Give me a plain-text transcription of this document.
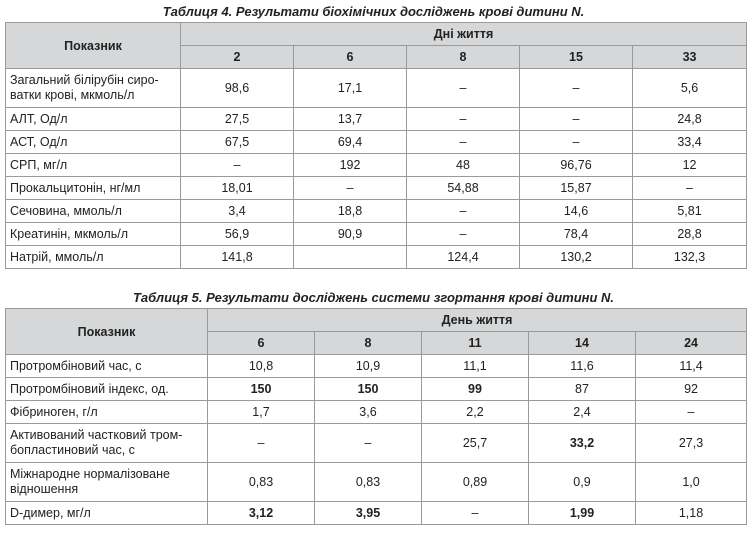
Таблиця 4. Результати біохімічних досліджень крові дитини N.
Показник	Дні життя				
	2	6	8	15	33
Загальний білірубін сиро-
ватки крові, мкмоль/л	98,6	17,1	–	–	5,6
АЛТ, Од/л	27,5	13,7	–	–	24,8
АСТ, Од/л	67,5	69,4	–	–	33,4
СРП, мг/л	–	192	48	96,76	12
Прокальцитонін, нг/мл	18,01	–	54,88	15,87	–
Сечовина, ммоль/л	3,4	18,8	–	14,6	5,81
Креатинін, мкмоль/л	56,9	90,9	–	78,4	28,8
Натрій, ммоль/л	141,8		124,4	130,2	132,3
Таблиця 5. Результати досліджень системи згортання крові дитини N.
Показник	День життя				
	6	8	11	14	24
Протромбіновий час, с	10,8	10,9	11,1	11,6	11,4
Протромбіновий індекс, од.	150	150	99	87	92
Фібриноген, г/л	1,7	3,6	2,2	2,4	–
Активований частковий тром-
бопластиновий час, с	–	–	25,7	33,2	27,3
Міжнародне нормалізоване
відношення	0,83	0,83	0,89	0,9	1,0
D-димер, мг/л	3,12	3,95	–	1,99	1,18
